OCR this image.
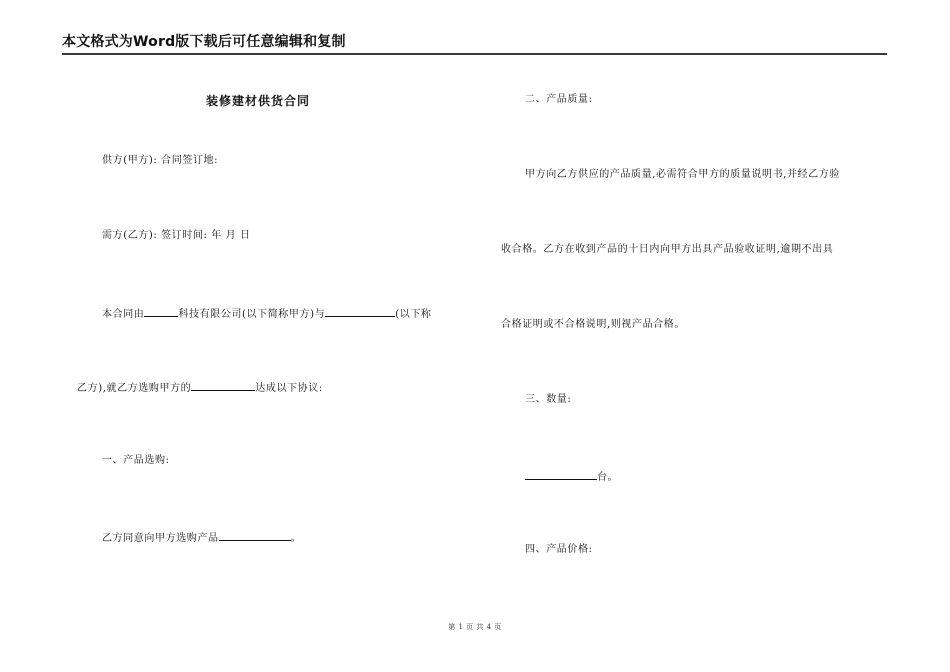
本文格式为Word版下载后可任意编辑和复制
装修建材供货合同
供方(甲方): 合同签订地:
需方(乙方): 签订时间: 年 月 日
本合同由	科技有限公司(以下简称甲方)与	(以下称
乙方),就乙方选购甲方的	达成以下协议:
一、产品选购:
乙方同意向甲方选购产品	。
二、产品质量:
甲方向乙方供应的产品质量,必需符合甲方的质量说明书,并经乙方验
收合格。乙方在收到产品的十日内向甲方出具产品验收证明,逾期不出具
合格证明或不合格说明,则视产品合格。
三、数量:
台。
四、产品价格:
第 1 页 共 4 页
